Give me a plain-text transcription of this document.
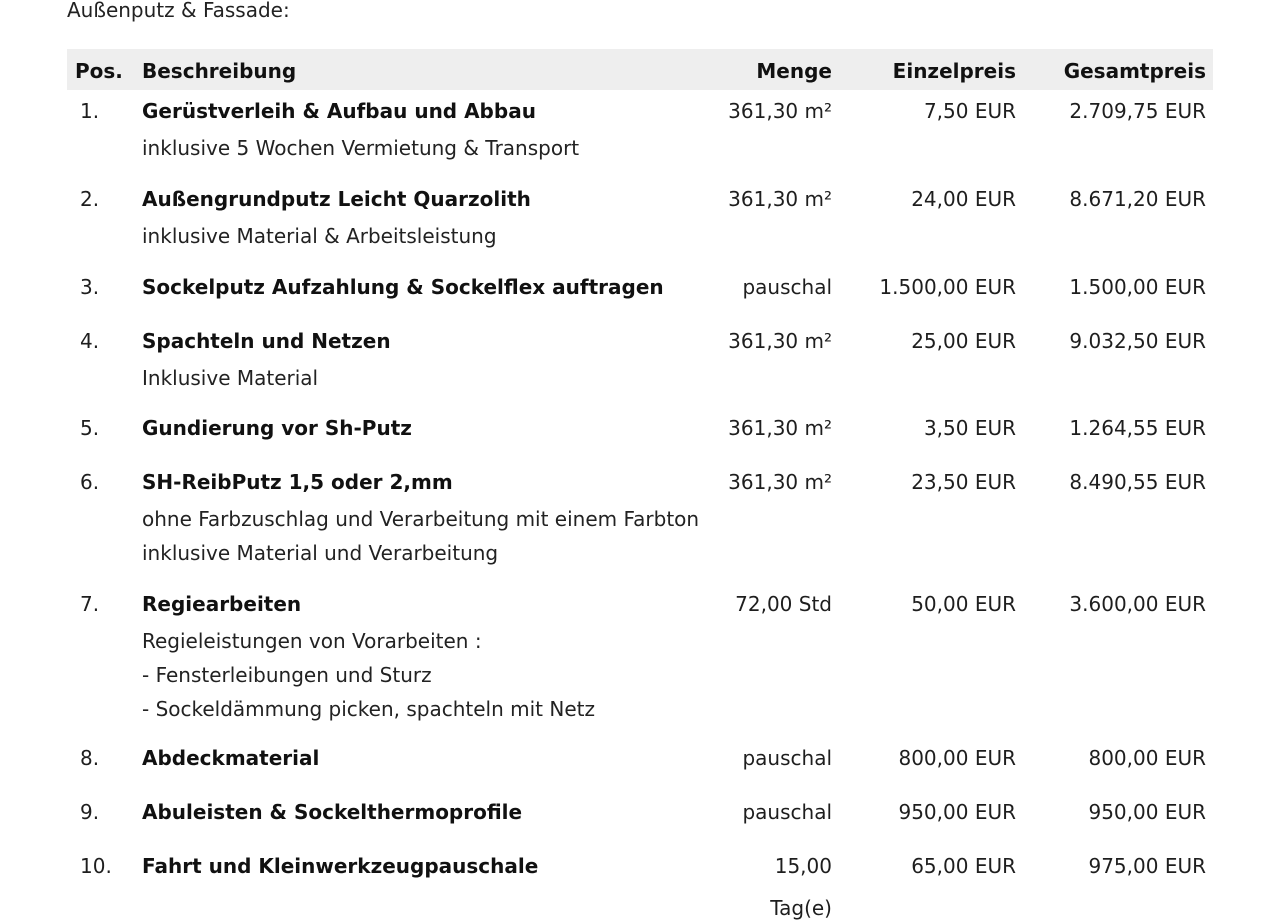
Außenputz & Fassade:
Pos. Beschreibung	Menge	Einzelpreis Gesamtpreis
1. Gerüstverleih & Aufbau und Abbau	361,30 m²	7,50 EUR	2.709,75 EUR
inklusive 5 Wochen Vermietung & Transport
2. Außengrundputz Leicht Quarzolith	361,30 m²	24,00 EUR	8.671,20 EUR
inklusive Material & Arbeitsleistung
3. Sockelputz Aufzahlung & Sockelflex auftragen	pauschal 1.500,00 EUR	1.500,00 EUR
4. Spachteln und Netzen	361,30 m²	25,00 EUR	9.032,50 EUR
Inklusive Material
5. Gundierung vor Sh-Putz	361,30 m²	3,50 EUR	1.264,55 EUR
6. SH-ReibPutz 1,5 oder 2,mm	361,30 m²	23,50 EUR	8.490,55 EUR
ohne Farbzuschlag und Verarbeitung mit einem Farbton
inklusive Material und Verarbeitung
7. Regiearbeiten	72,00 Std	50,00 EUR	3.600,00 EUR
Regieleistungen von Vorarbeiten :
- Fensterleibungen und Sturz
- Sockeldämmung picken, spachteln mit Netz
8. Abdeckmaterial	pauschal	800,00 EUR	800,00 EUR
9. Abuleisten & Sockelthermoprofile	pauschal	950,00 EUR	950,00 EUR
10. Fahrt und Kleinwerkzeugpauschale	15,00	65,00 EUR	975,00 EUR
Tag(e)
